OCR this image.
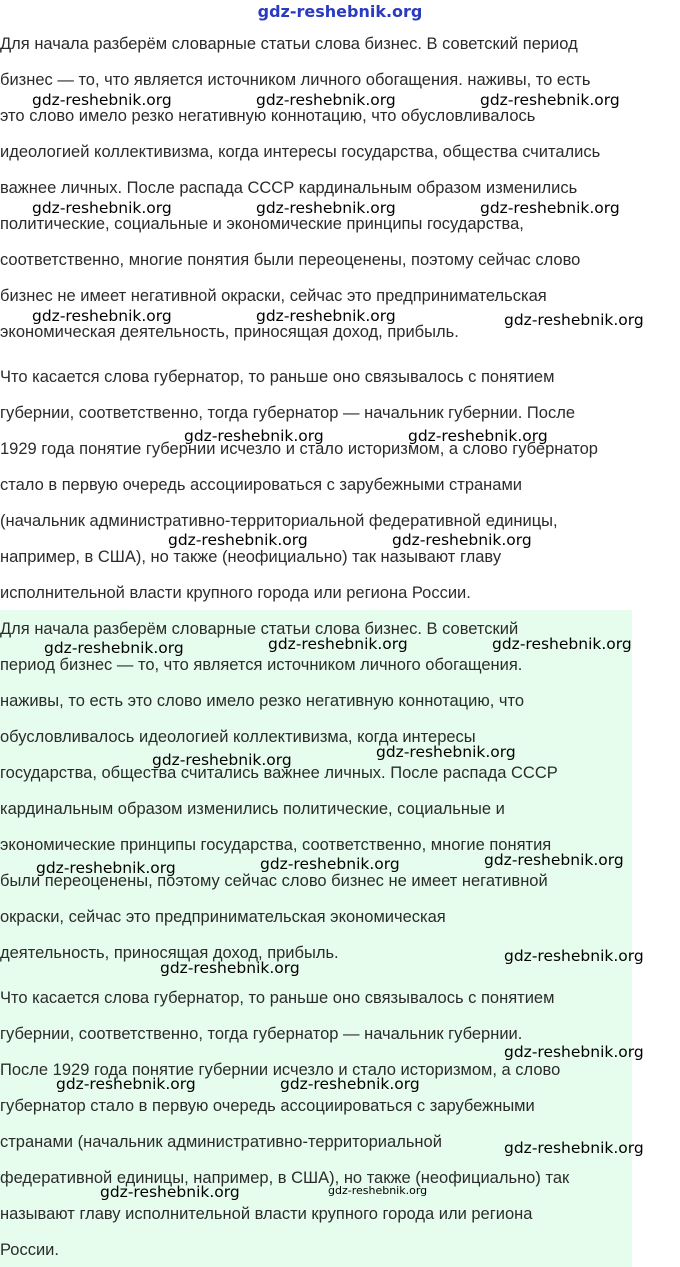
gdz-reshebnik.org
Для начала разберём словарные статьи слова бизнес. В советский период
бизнес — то, что является источником личного обогащения. наживы, то есть
это слово имело резко негативную коннотацию, что обусловливалось
идеологией коллективизма, когда интересы государства, общества считались
важнее личных. После распада СССР кардинальным образом изменились
политические, социальные и экономические принципы государства,
соответственно, многие понятия были переоценены, поэтому сейчас слово
бизнес не имеет негативной окраски, сейчас это предпринимательская
экономическая деятельность, приносящая доход, прибыль.
Что касается слова губернатор, то раньше оно связывалось с понятием
губернии, соответственно, тогда губернатор — начальник губернии. После
1929 года понятие губернии исчезло и стало историзмом, а слово губернатор
стало в первую очередь ассоциироваться с зарубежными странами
(начальник административно-территориальной федеративной единицы,
например, в США), но также (неофициально) так называют главу
исполнительной власти крупного города или региона России.
Для начала разберём словарные статьи слова бизнес. В советский
период бизнес — то, что является источником личного обогащения.
наживы, то есть это слово имело резко негативную коннотацию, что
обусловливалось идеологией коллективизма, когда интересы
государства, общества считались важнее личных. После распада СССР
кардинальным образом изменились политические, социальные и
экономические принципы государства, соответственно, многие понятия
были переоценены, поэтому сейчас слово бизнес не имеет негативной
окраски, сейчас это предпринимательская экономическая
деятельность, приносящая доход, прибыль.
Что касается слова губернатор, то раньше оно связывалось с понятием
губернии, соответственно, тогда губернатор — начальник губернии.
После 1929 года понятие губернии исчезло и стало историзмом, а слово
губернатор стало в первую очередь ассоциироваться с зарубежными
странами (начальник административно-территориальной
федеративной единицы, например, в США), но также (неофициально) так
называют главу исполнительной власти крупного города или региона
России.
gdz-reshebnik.org	gdz-reshebnik.org	gdz-reshebnik.org
gdz-reshebnik.org	gdz-reshebnik.org	gdz-reshebnik.org
gdz-reshebnik.org	gdz-reshebnik.org	gdz-reshebnik.org
gdz-reshebnik.org	gdz-reshebnik.org
gdz-reshebnik.org	gdz-reshebnik.org
gdz-reshebnik.org	gdz-reshebnik.org	gdz-reshebnik.org
gdz-reshebnik.org	gdz-reshebnik.org
gdz-reshebnik.org	gdz-reshebnik.org	gdz-reshebnik.org
gdz-reshebnik.org
gdz-reshebnik.org
gdz-reshebnik.org
gdz-reshebnik.org	gdz-reshebnik.org
gdz-reshebnik.org
gdz-reshebnik.org	gdz-reshebnik.org
